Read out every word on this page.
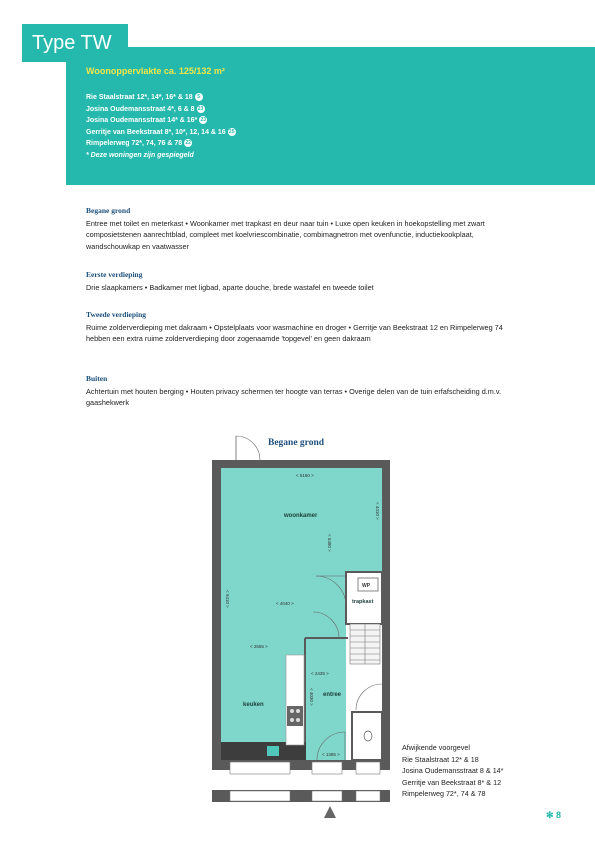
Type TW
Woonoppervlakte ca. 125/132 m²
Rie Staalstraat 12*, 14*, 16* & 18 5
Josina Oudemansstraat 4*, 6 & 8 23
Josina Oudemansstraat 14* & 16* 23
Gerritje van Beekstraat 8*, 10*, 12, 14 & 16 25
Rimpelerweg 72*, 74, 76 & 78 22
* Deze woningen zijn gespiegeld
Begane grond
Entree met toilet en meterkast • Woonkamer met trapkast en deur naar tuin • Luxe open keuken in hoekopstelling met zwart composietstenen aanrechtblad, compleet met koelvriescombinatie, combimagnetron met ovenfunctie, inductiekookplaat, wandschouwkap en vaatwasser
Eerste verdieping
Drie slaapkamers • Badkamer met ligbad, aparte douche, brede wastafel en tweede toilet
Tweede verdieping
Ruime zolderverdieping met dakraam • Opstelplaats voor wasmachine en droger • Gerritje van Beekstraat 12 en Rimpelerweg 74 hebben een extra ruime zolderverdieping door zogenaamde 'topgevel' en geen dakraam
Buiten
Achtertuin met houten berging • Houten privacy schermen ter hoogte van terras • Overige delen van de tuin erfafscheiding d.m.v. gaashekwerk
Begane grond
woonkamer
keuken
entree
trapkast
WP
< 5160 >
< 4410 >
< 5480 >
< 4040 >
< 9410 >
< 2655 >
< 2435 >
< 4030 >
< 1385 >
Afwijkende voorgevel
Rie Staalstraat 12* & 18
Josina Oudemansstraat 8 & 14*
Gerritje van Beekstraat 8* & 12
Rimpelerweg 72*, 74 & 78
✻ 8
